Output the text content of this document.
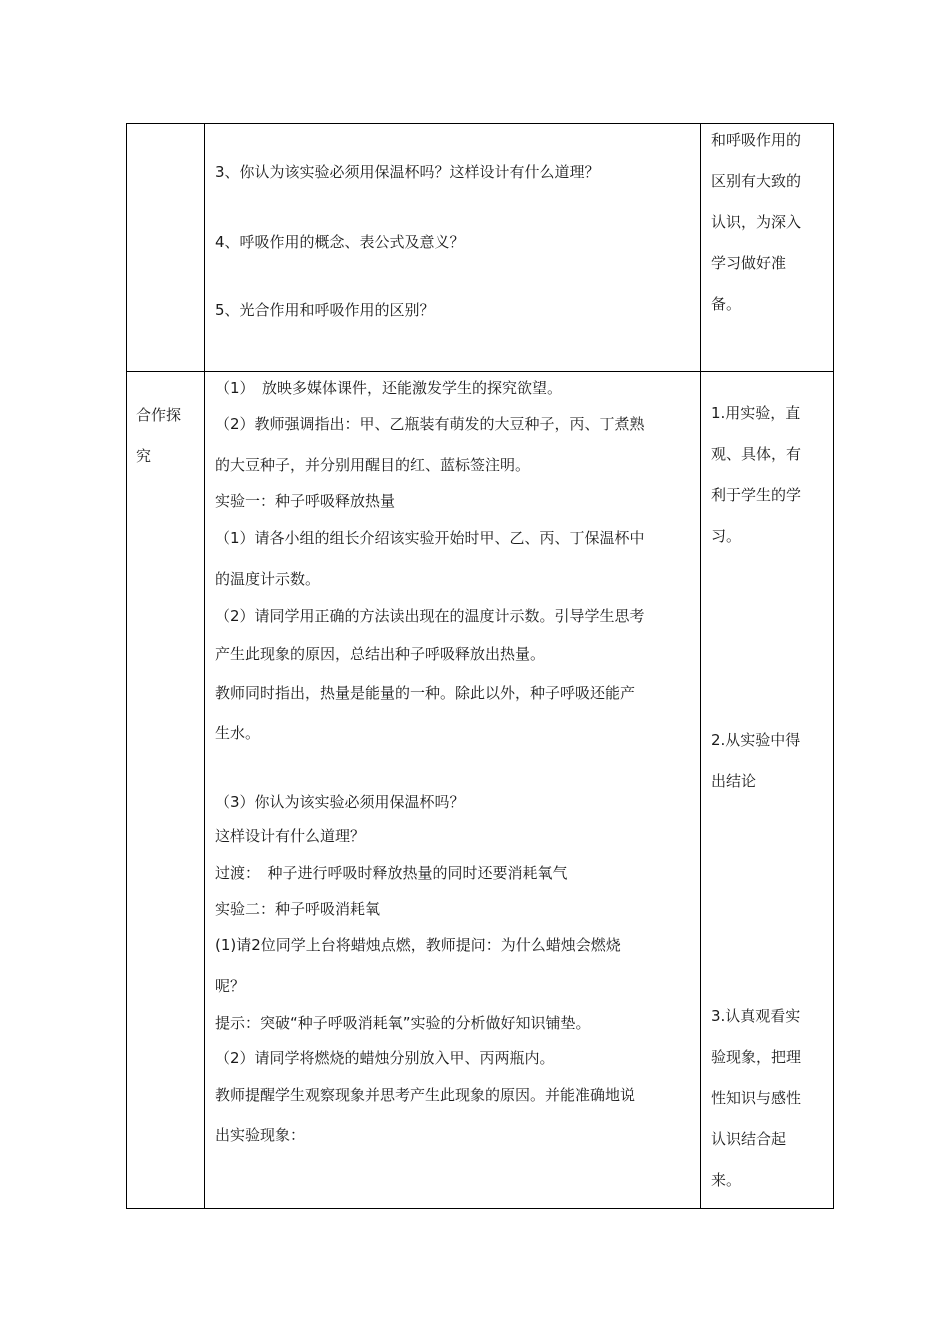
3、你认为该实验必须用保温杯吗？这样设计有什么道理？
4、呼吸作用的概念、表公式及意义？
5、光合作用和呼吸作用的区别？
和呼吸作用的
区别有大致的
认识，为深入
学习做好准
备。
合作探
究
（1）　放映多媒体课件，还能激发学生的探究欲望。
（2）教师强调指出：甲、乙瓶装有萌发的大豆种子，丙、丁煮熟
的大豆种子，并分别用醒目的红、蓝标签注明。
实验一：种子呼吸释放热量
（1）请各小组的组长介绍该实验开始时甲、乙、丙、丁保温杯中
的温度计示数。
（2）请同学用正确的方法读出现在的温度计示数。引导学生思考
产生此现象的原因，总结出种子呼吸释放出热量。
教师同时指出，热量是能量的一种。除此以外，种子呼吸还能产
生水。
（3）你认为该实验必须用保温杯吗？
这样设计有什么道理？
过渡：　种子进行呼吸时释放热量的同时还要消耗氧气
实验二：种子呼吸消耗氧
(1)请2位同学上台将蜡烛点燃，教师提问：为什么蜡烛会燃烧
呢？
提示：突破“种子呼吸消耗氧”实验的分析做好知识铺垫。
（2）请同学将燃烧的蜡烛分别放入甲、丙两瓶内。
教师提醒学生观察现象并思考产生此现象的原因。并能准确地说
出实验现象：
1.用实验，直
观、具体，有
利于学生的学
习。
2.从实验中得
出结论
3.认真观看实
验现象，把理
性知识与感性
认识结合起
来。
